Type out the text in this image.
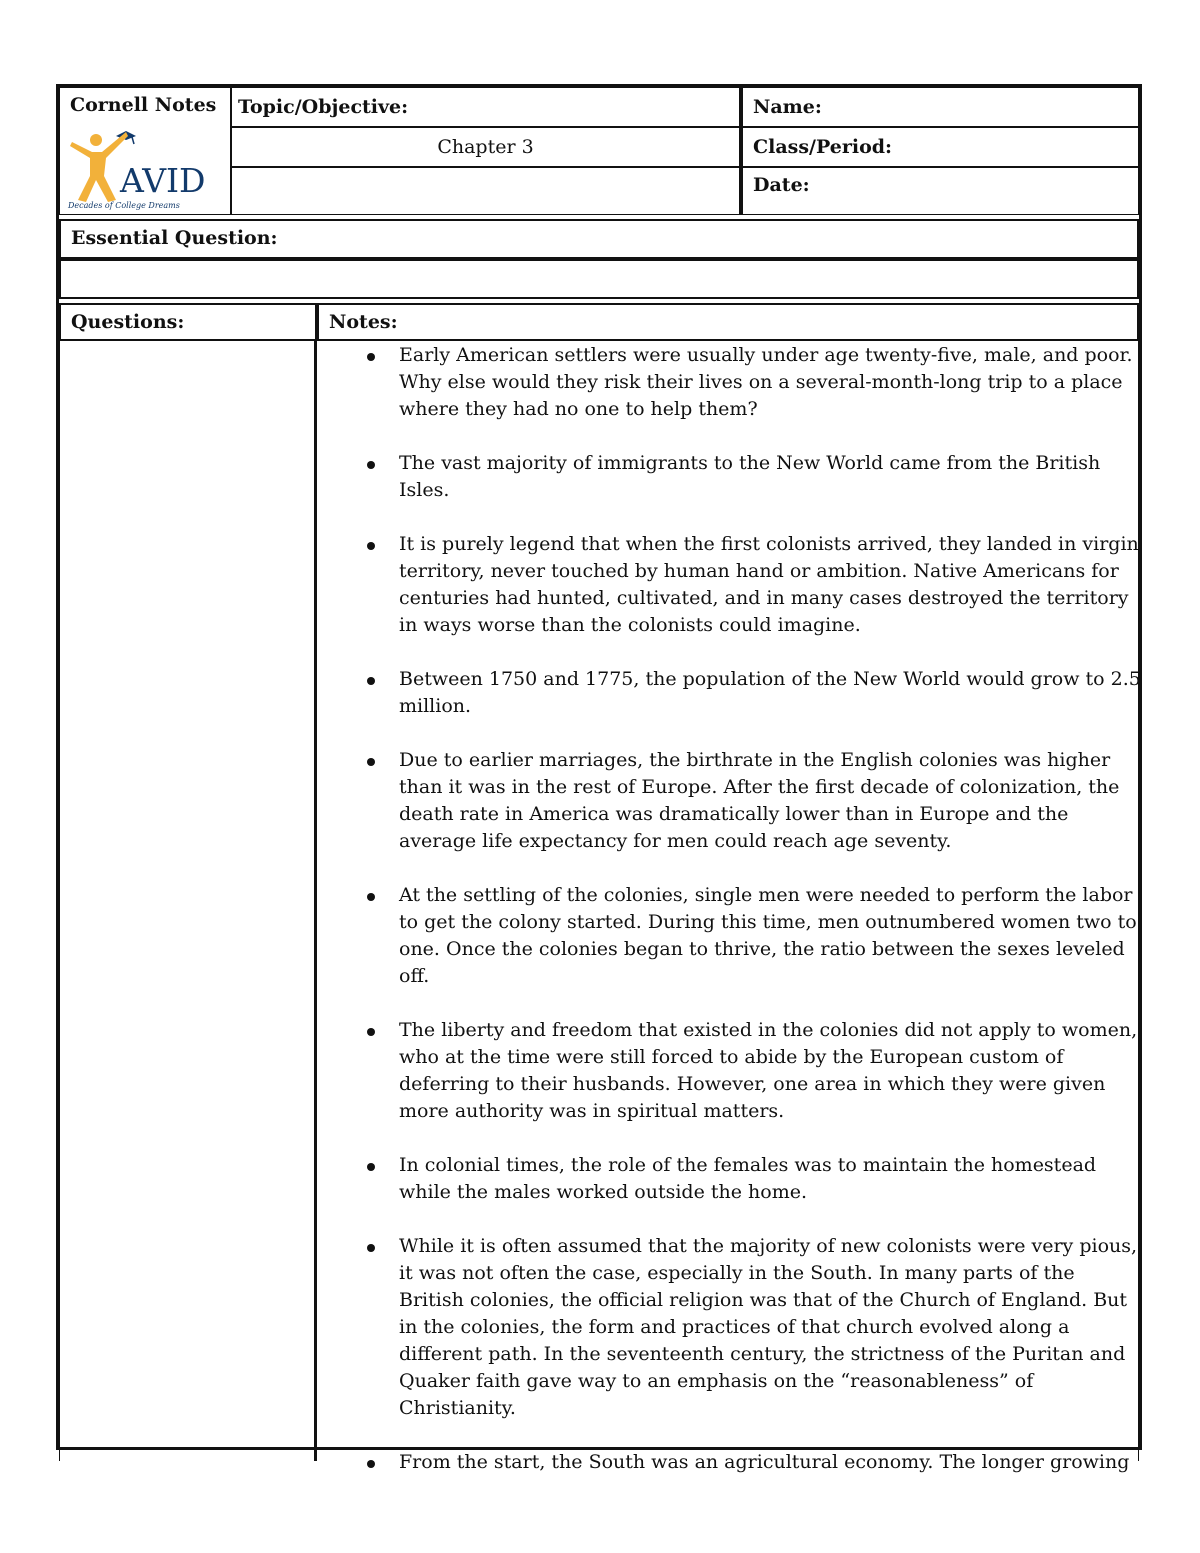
Cornell Notes
AVID
Decades of College Dreams
Topic/Objective:
Chapter 3
Name:
Class/Period:
Date:
Essential Question:
Questions:	Notes:
Early American settlers were usually under age twenty-five, male, and poor. Why else would they risk their lives on a several-month-long trip to a place where they had no one to help them?
The vast majority of immigrants to the New World came from the British Isles.
It is purely legend that when the first colonists arrived, they landed in virgin territory, never touched by human hand or ambition. Native Americans for centuries had hunted, cultivated, and in many cases destroyed the territory in ways worse than the colonists could imagine.
Between 1750 and 1775, the population of the New World would grow to 2.5 million.
Due to earlier marriages, the birthrate in the English colonies was higher than it was in the rest of Europe. After the first decade of colonization, the death rate in America was dramatically lower than in Europe and the average life expectancy for men could reach age seventy.
At the settling of the colonies, single men were needed to perform the labor to get the colony started. During this time, men outnumbered women two to one. Once the colonies began to thrive, the ratio between the sexes leveled off.
The liberty and freedom that existed in the colonies did not apply to women, who at the time were still forced to abide by the European custom of deferring to their husbands. However, one area in which they were given more authority was in spiritual matters.
In colonial times, the role of the females was to maintain the homestead while the males worked outside the home.
While it is often assumed that the majority of new colonists were very pious, it was not often the case, especially in the South. In many parts of the British colonies, the official religion was that of the Church of England. But in the colonies, the form and practices of that church evolved along a different path. In the seventeenth century, the strictness of the Puritan and Quaker faith gave way to an emphasis on the “reasonableness” of Christianity.
From the start, the South was an agricultural economy. The longer growing
